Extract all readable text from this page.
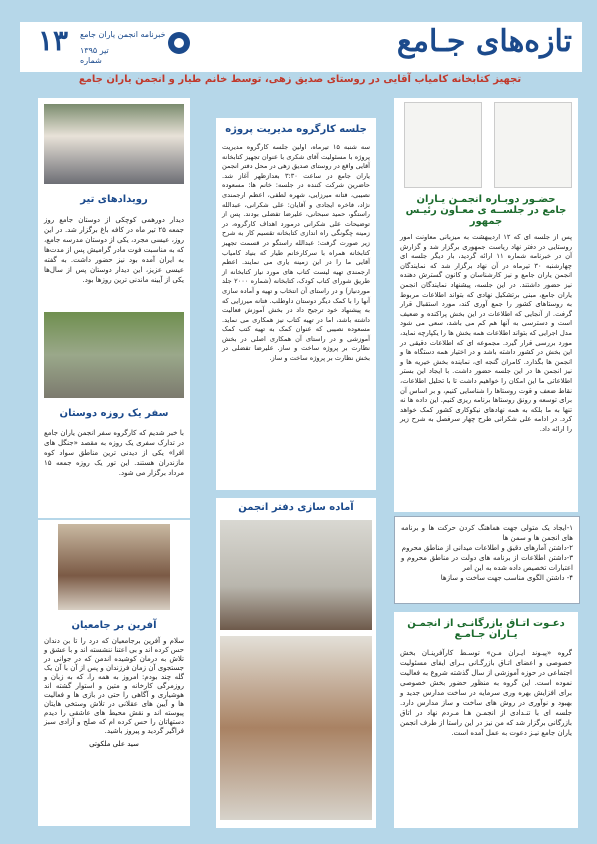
تازه‌های جـامع
۱۳ خبرنامه انجمن یاران جامع
تیر ۱۳۹۵
شماره
تجهیز کتابخانه کامیاب آقایی در روستای صدیق زهی، توسط خانم طیار و انجمن یاران جامع
رویدادهای تیر
دیدار دورهمی کوچکی از دوستان جامع روز جمعه ۲۵ تیر ماه در کافه باغ برگزار شد. در این روز، عیسی مجرد، یکی از دوستان مدرسه جامع، که به مناسبت فوت مادر گرامیش پس از مدت‌ها به ایران آمده بود نیز حضور داشت. به گفته عیسی عزیز، این دیدار دوستان پس از سال‌ها یکی از آیینه ماندنی ترین روزها بود.
سفر یک روزه دوستان
با خبر شدیم که کارگروه سفر انجمن یاران جامع در تدارک سفری یک روزه به مقصد «جنگل های افرا» یکی از دیدنی ترین مناطق سواد کوه مازندران هستند. این تور یک روزه جمعه ۱۵ مرداد برگزار می شود.
آفرین بر جامعیان
سلام و آفرین برجامعیان که درد را تا بن دندان حس کرده اند و بی اعتنا ننشسته اند و با عشق و تلاش به درمان کوشیده اندمن که در جوانی در جستجوی آن زمان فرزندان و پس از آن با آن یک گله چند بودم: امروز به همه را، که به زبان و روزمرگی کارخانه و متین و استوار گشته اند هوشیاری و آگاهی را حتی در بازی ها و فعالیت ها و آیین های عقلانی در تلاش وستخی هایتان پیوسته اند و نقش محیط های عاشقی را دیدم دستهاتان را حس کرده ام که صلح و آزادی سبز فراگیر گردید و پیروز باشید.
سید علی ملکوتی
جلسه کارگروه مدیریت پروژه
سه شنبه ۱۵ تیرماه، اولین جلسه کارگروه مدیریت پروژه با مسئولیت آقای شکری با عنوان تجهیز کتابخانه آقایی واقع در روستای صدیق زهی در محل دفتر انجمن یاران جامع در ساعت ۳:۳۰ بعدازظهر آغاز شد. حاضرین شرکت کننده در جلسه: خانم ها: مسعوده نصیبی، فتانه میرزایی، شهره لطفی، اعظم ارجمندی نژاد، فاخره ایجادی و آقایان: علی شکرانی، عبدالله راستگو، حمید سبحانی، علیرضا تفضلی بودند. پس از توضیحات علی شکرانی درمورد اهداف کارگروه، در زمینه چگونگی راه اندازی کتابخانه تقسیم کار به شرح زیر صورت گرفت: عبدالله راستگو در قسمت تجهیز کتابخانه همراه با سرکارخانم طیار که بنیاد کامیاب آقایی ما را در این زمینه یاری می نمایند. اعظم ارجمندی تهیه لیست کتاب های مورد نیاز کتابخانه از طریق شورای کتاب کودک، کتابخانه (شماره ۲۰۰۰ جلد موردنیاز) و در راستای آن انتخاب و تهیه و آماده سازی آنها را با کمک دیگر دوستان داوطلب. فتانه میرزایی که به پیشنهاد خود ترجیح داد در بخش آموزش فعالیت داشته باشد، اما در تهیه کتاب نیز همکاری می نماید. مسعوده نصیبی که عنوان کمک به تهیه کتب کمک آموزشی و در راستای آن همکاری اصلی در بخش نظارت بر پروژه ساخت و ساز. علیرضا تفضلی در بخش نظارت بر پروژه ساخت و ساز.
آماده سازی دفتر انجمن
حضـور دوبـاره انجمـن یـاران جامع در جلســه ی معـاون رئیـس جمهور
پس از جلسه ای که ۱۲ اردیبهشت به میزبانی معاونت امور روستایی در دفتر نهاد ریاست جمهوری برگزار شد و گزارش آن در خبرنامه شماره ۱۱ ارائه گردید، بار دیگر جلسه ای چهارشنبه ۳۰ تیرماه در آن نهاد برگزار شد که نمایندگان انجمن یاران جامع و نیز کارشناسان و کانون گسترش دهنده نیز حضور داشتند. در این جلسه، پیشنهاد نمایندگان انجمن یاران جامع، مبنی برتشکیل نهادی که بتواند اطلاعات مربوط به روستاهای کشور را جمع آوری کند، مورد استقبال قرار گرفت. از آنجایی که اطلاعات در این بخش پراکنده و ضعیف است و دسترسی به آنها هم کم می باشد، سعی می شود مدل اجرایی که بتواند اطلاعات همه بخش ها را یکپارچه نماید، مورد بررسی قرار گیرد. مجموعه ای که اطلاعات دقیقی در این بخش در کشور داشته باشد و در اختیار همه دستگاه ها و انجمن ها بگذارد. کامران گنجه ای، نماینده بخش خیریه ها و نیز انجمن ها در این جلسه حضور داشت. با ایجاد این بستر اطلاعاتی ما این امکان را خواهیم داشت تا با تحلیل اطلاعات، نقاط ضعف و قوت روستاها را شناسایی کنیم، و بر اساس آن برای توسعه و رونق روستاها برنامه ریزی کنیم. این داده ها نه تنها به ما بلکه به همه نهادهای نیکوکاری کشور کمک خواهد کرد. در ادامه علی شکرانی طرح چهار سرفصل به شرح زیر را ارائه داد.
۱-ایجاد یک متولی جهت هماهنگ کردن حرکت ها و برنامه های انجمن ها و سمن ها
۲-داشتن آمارهای دقیق و اطلاعات میدانی از مناطق محروم
۳-داشتن اطلاعات از برنامه های دولت در مناطق محروم و اعتبارات تخصیص داده شده به این امر
۴- داشتن الگوی مناسب جهت ساخت و سازها
دعـوت اتـاق بازرگانـی از انجمـن یـاران جـامـع
گروه «پیـوند ایـران مـن» توسـط کارآفرینـان بخش خصوصی و اعضای اتـاق بازرگـانی بـرای ایفای مسئولیت اجتماعی در حوزه آموزشی از سال گذشته شروع به فعالیت نموده است. این گروه به منظور حضور بخش خصوصی برای افزایش بهره وری سرمایه در ساخت مدارس جدید و بهبود و نوآوری در روش های ساخت و ساز مدارس دارد. جلسه ای با تنـدادی از انجمـن هـا مـردم نهاد در اتاق بازرگانی برگزار شد که من نیز در این راستا از طرف انجمن یاران جامع نیـز دعوت به عمل آمده است.
